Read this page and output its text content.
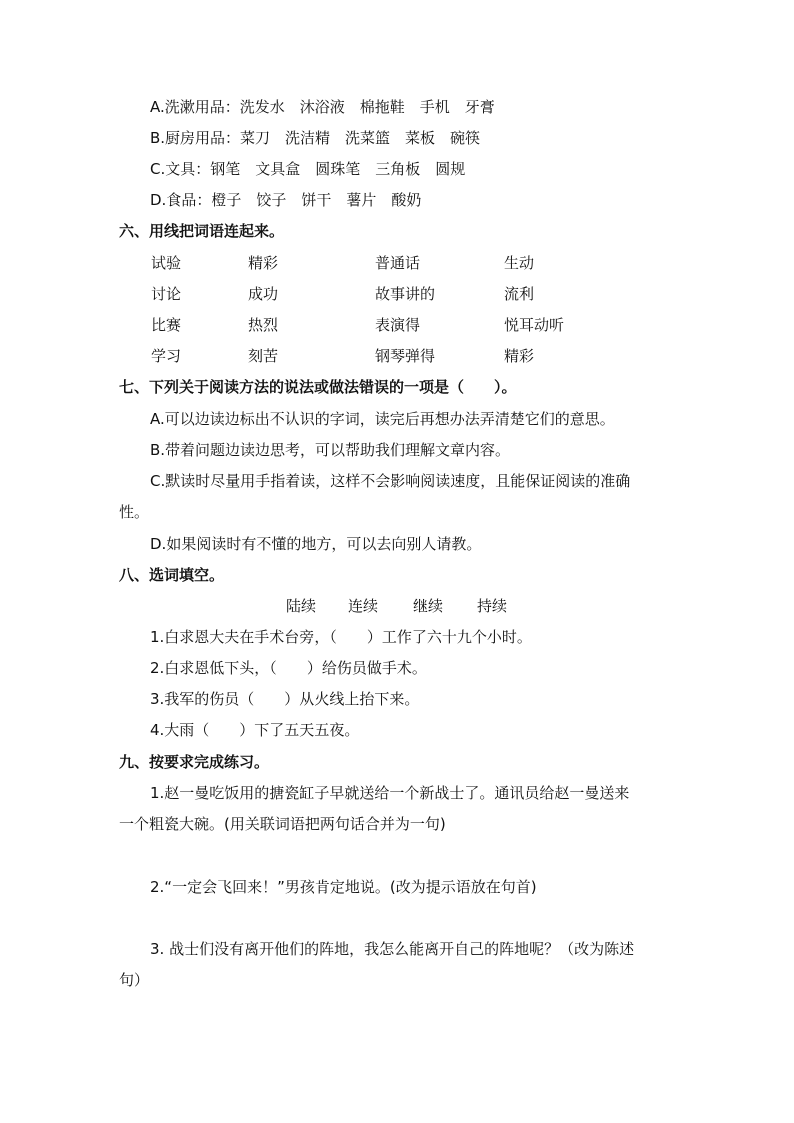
A.洗漱用品：洗发水　沐浴液　棉拖鞋　手机　牙膏
B.厨房用品：菜刀　洗洁精　洗菜篮　菜板　碗筷
C.文具：钢笔　文具盒　圆珠笔　三角板　圆规
D.食品：橙子　饺子　饼干　薯片　酸奶
六、用线把词语连起来。
试验	精彩	普通话	生动
讨论	成功	故事讲的	流利
比赛	热烈	表演得	悦耳动听
学习	刻苦	钢琴弹得	精彩
七、下列关于阅读方法的说法或做法错误的一项是（　　）。
A.可以边读边标出不认识的字词，读完后再想办法弄清楚它们的意思。
B.带着问题边读边思考，可以帮助我们理解文章内容。
C.默读时尽量用手指着读，这样不会影响阅读速度，且能保证阅读的准确
性。
D.如果阅读时有不懂的地方，可以去向别人请教。
八、选词填空。
陆续 连续 继续 持续
1.白求恩大夫在手术台旁，（　　）工作了六十九个小时。
2.白求恩低下头，（　　）给伤员做手术。
3.我军的伤员（　　）从火线上抬下来。
4.大雨（　　）下了五天五夜。
九、按要求完成练习。
1.赵一曼吃饭用的搪瓷缸子早就送给一个新战士了。通讯员给赵一曼送来
一个粗瓷大碗。(用关联词语把两句话合并为一句)
2.“一定会飞回来！”男孩肯定地说。(改为提示语放在句首)
3. 战士们没有离开他们的阵地，我怎么能离开自己的阵地呢？（改为陈述
句）
